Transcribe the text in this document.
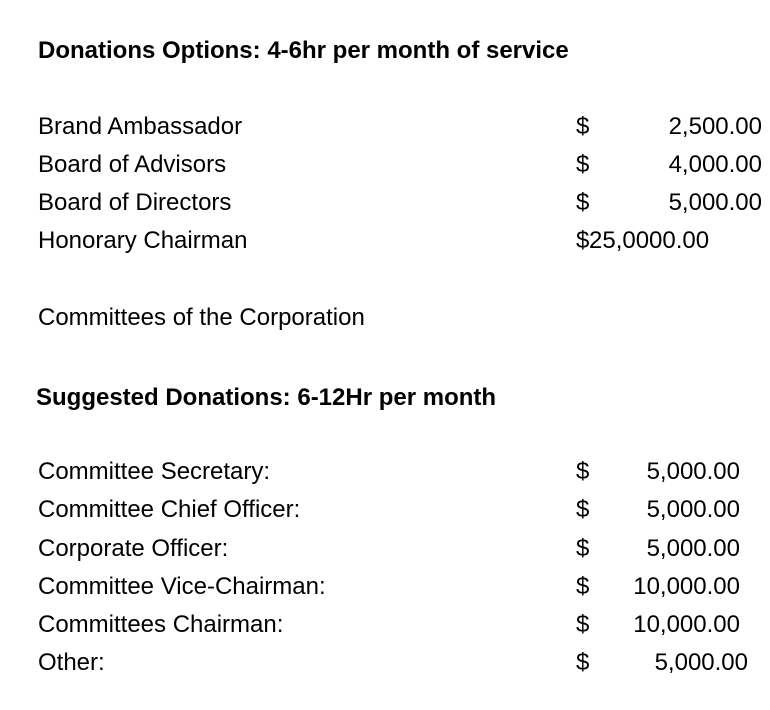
Donations Options: 4-6hr per month of service
Brand Ambassador	$	2,500.00
Board of Advisors	$	4,000.00
Board of Directors	$	5,000.00
Honorary Chairman	$ 25,0000.00
Committees of the Corporation
Suggested Donations: 6-12Hr per month
Committee Secretary:	$ 5,000.00
Committee Chief Officer:	$ 5,000.00
Corporate Officer:	$ 5,000.00
Committee Vice-Chairman:	$ 10,000.00
Committees Chairman:	$ 10,000.00
Other:	$	5,000.00
